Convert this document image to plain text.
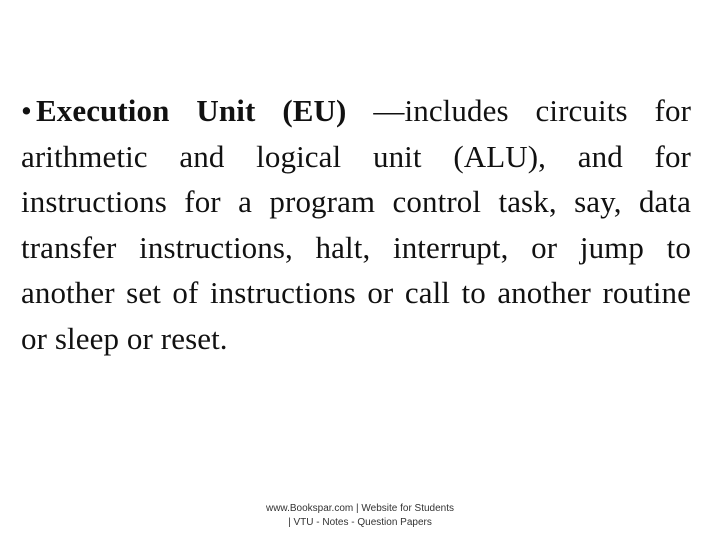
• Execution Unit (EU) —includes circuits for arithmetic and logical unit (ALU), and for instructions for a program control task, say, data transfer instructions, halt, interrupt, or jump to another set of instructions or call to another routine or sleep or reset.

www.Bookspar.com | Website for Students
| VTU - Notes - Question Papers
